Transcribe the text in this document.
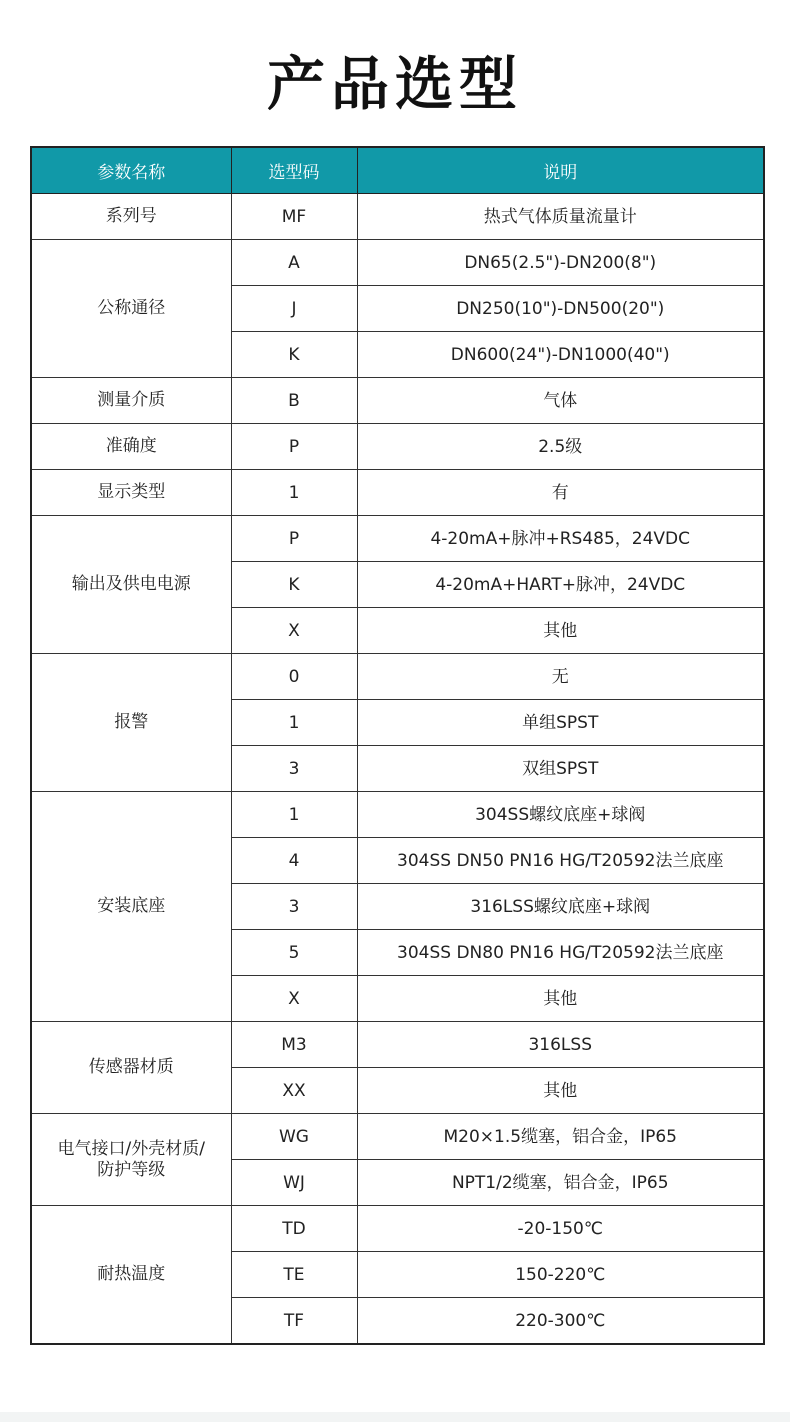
产品选型
参数名称	选型码	说明
系列号	MF	热式气体质量流量计
公称通径	A	DN65(2.5")-DN200(8")
	J	DN250(10")-DN500(20")
	K	DN600(24")-DN1000(40")
测量介质	B	气体
准确度	P	2.5级
显示类型	1	有
输出及供电电源	P	4-20mA+脉冲+RS485，24VDC
	K	4-20mA+HART+脉冲，24VDC
	X	其他
报警	0	无
	1	单组SPST
	3	双组SPST
安装底座	1	304SS螺纹底座+球阀
	4	304SS DN50 PN16 HG/T20592法兰底座
	3	316LSS螺纹底座+球阀
	5	304SS DN80 PN16 HG/T20592法兰底座
	X	其他
传感器材质	M3	316LSS
	XX	其他
电气接口/外壳材质/防护等级	WG	M20×1.5缆塞，铝合金，IP65
	WJ	NPT1/2缆塞，铝合金，IP65
耐热温度	TD	-20-150℃
	TE	150-220℃
	TF	220-300℃
